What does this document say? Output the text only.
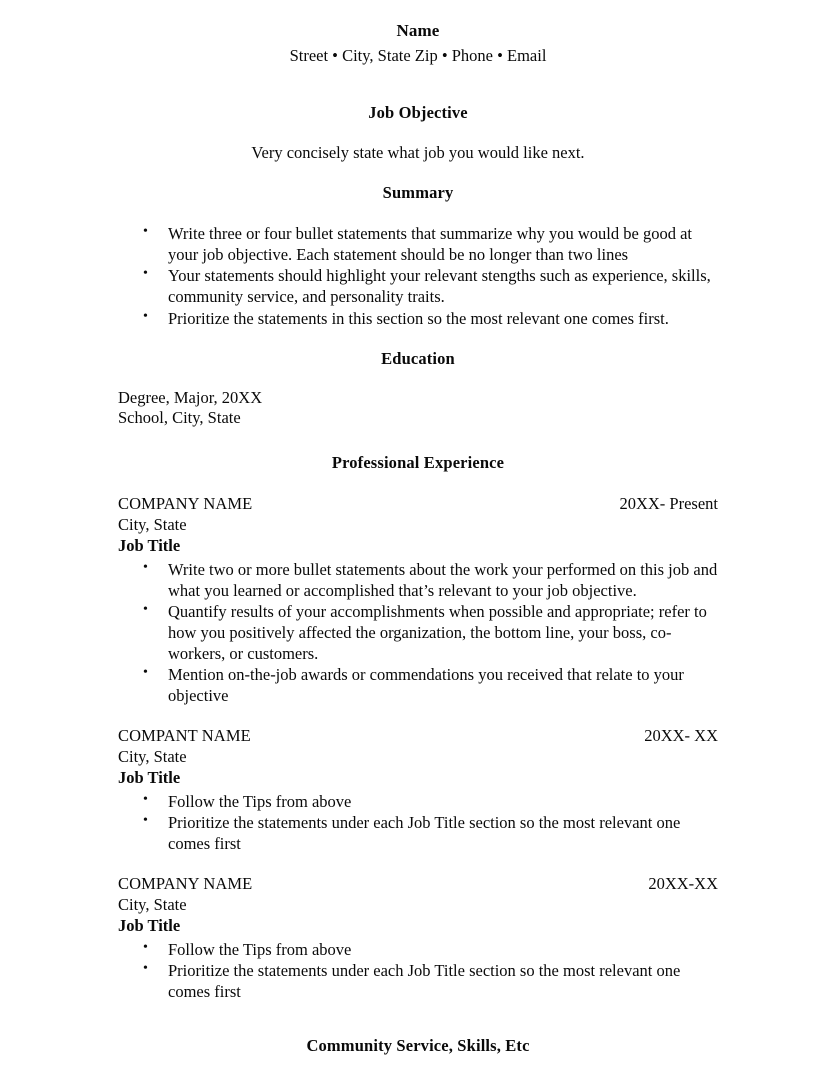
Name
Street • City, State Zip • Phone • Email
Job Objective
Very concisely state what job you would like next.
Summary
• Write three or four bullet statements that summarize why you would be good at your job objective. Each statement should be no longer than two lines
• Your statements should highlight your relevant stengths such as experience, skills, community service, and personality traits.
• Prioritize the statements in this section so the most relevant one comes first.
Education
Degree, Major, 20XX
School, City, State
Professional Experience
COMPANY NAME	20XX- Present
City, State
Job Title
• Write two or more bullet statements about the work your performed on this job and what you learned or accomplished that’s relevant to your job objective.
• Quantify results of your accomplishments when possible and appropriate; refer to how you positively affected the organization, the bottom line, your boss, co-workers, or customers.
• Mention on-the-job awards or commendations you received that relate to your objective
COMPANT NAME	20XX- XX
City, State
Job Title
• Follow the Tips from above
• Prioritize the statements under each Job Title section so the most relevant one comes first
COMPANY NAME	20XX-XX
City, State
Job Title
• Follow the Tips from above
• Prioritize the statements under each Job Title section so the most relevant one comes first
Community Service, Skills, Etc
